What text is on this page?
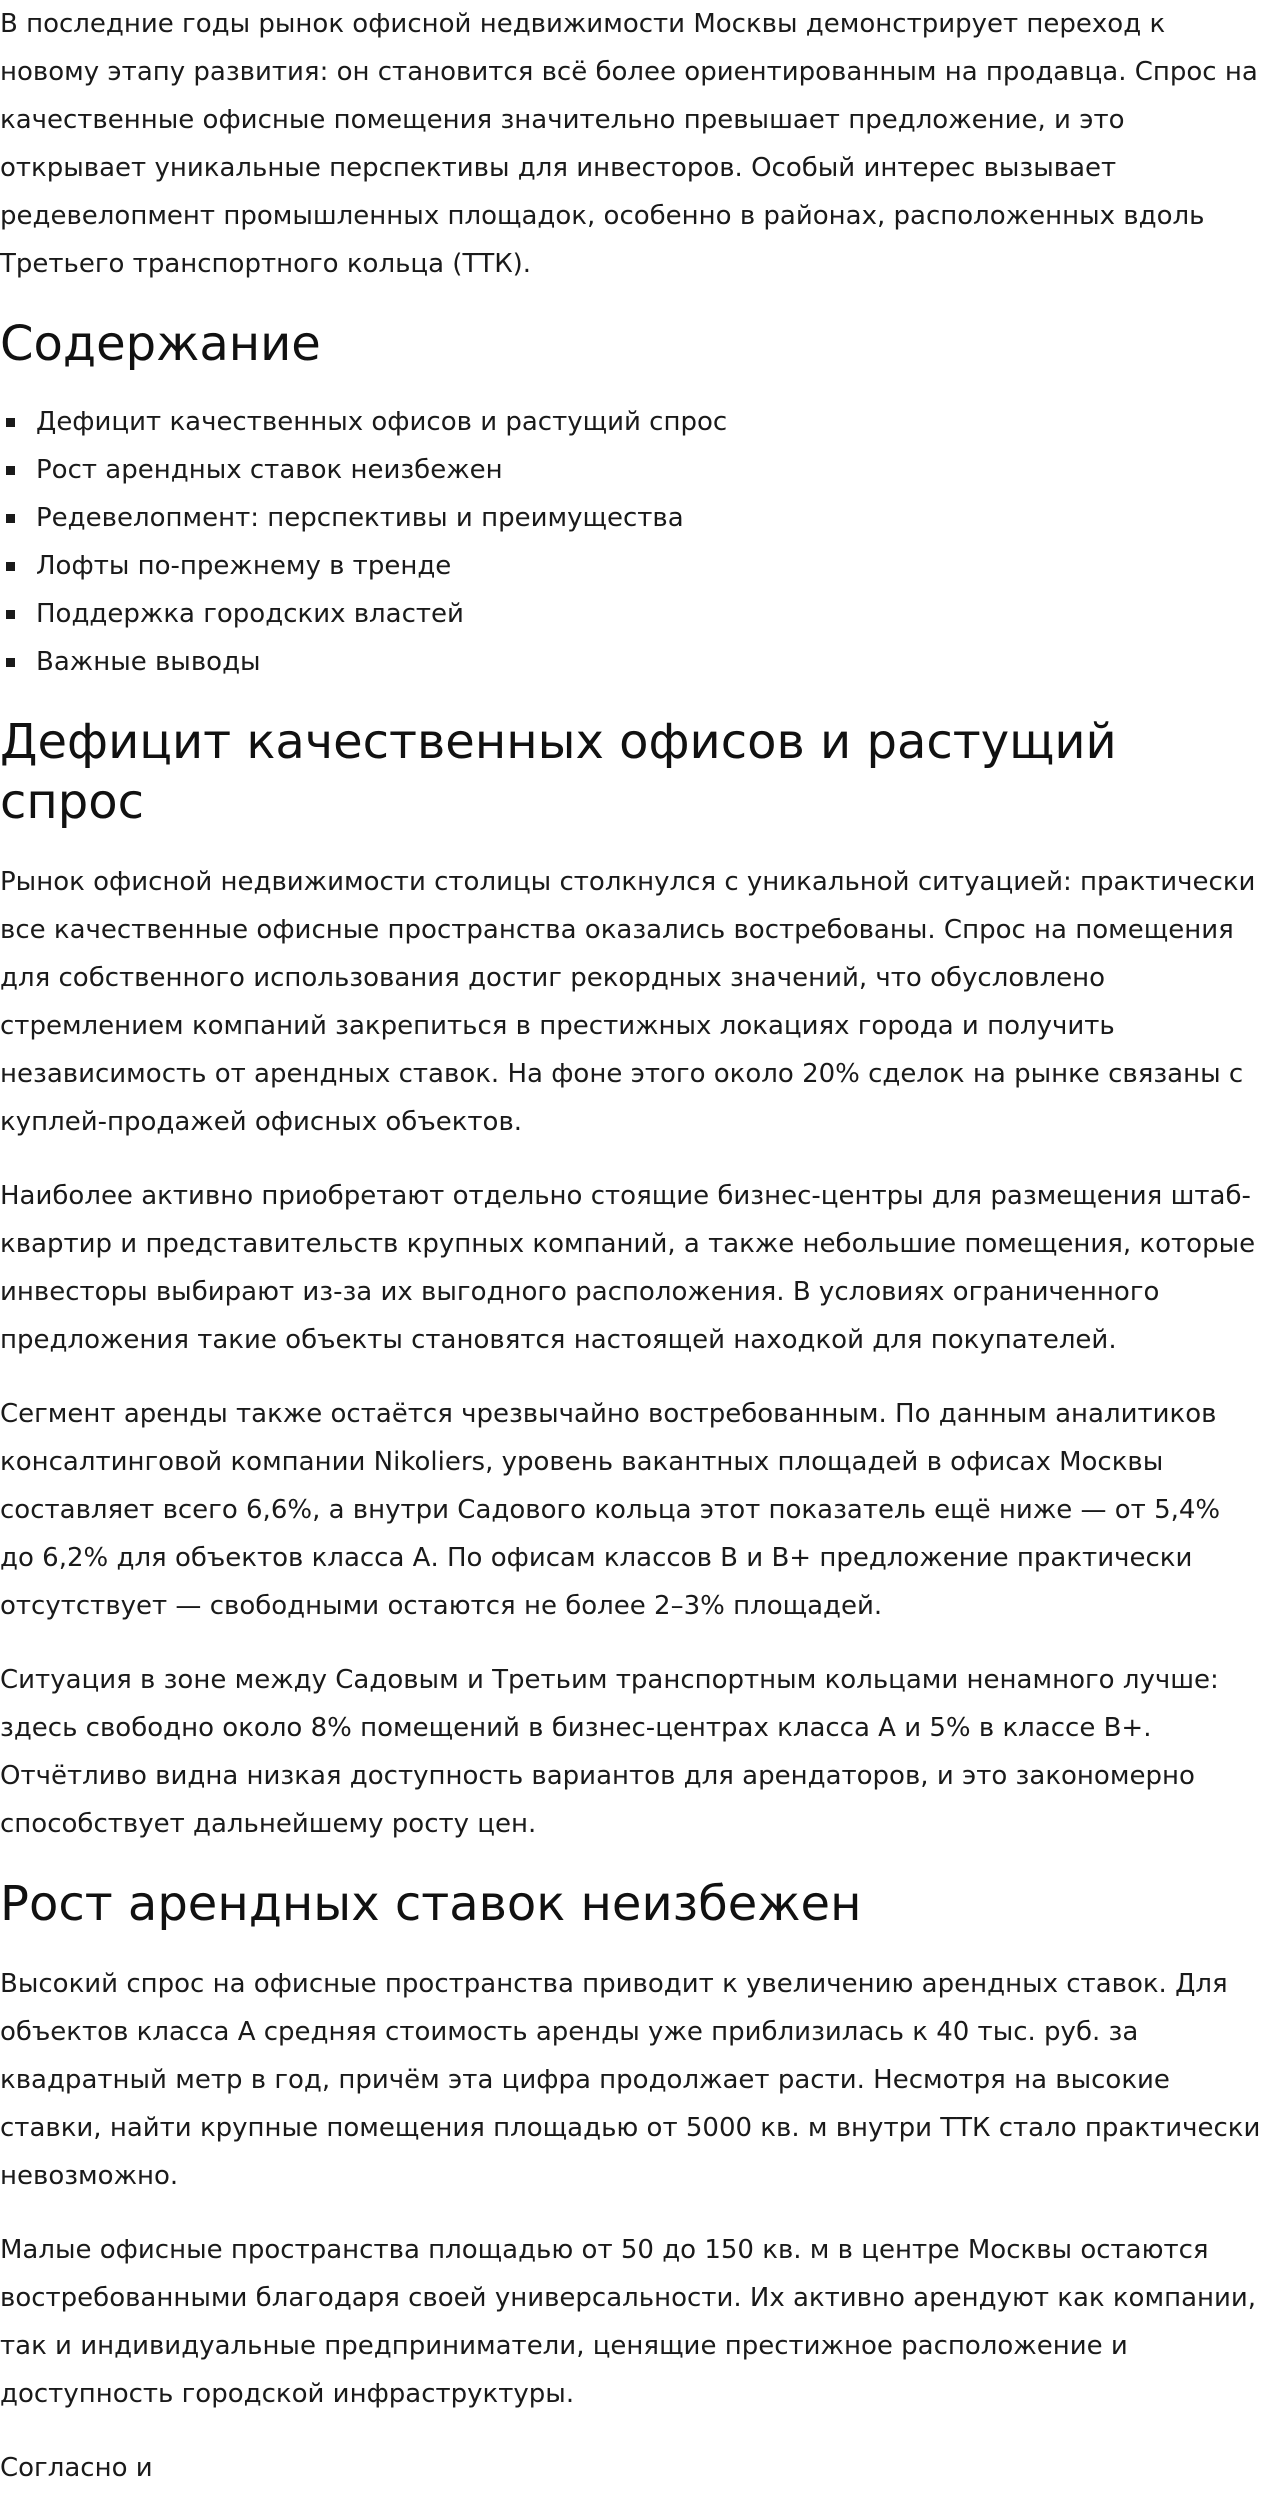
В последние годы рынок офисной недвижимости Москвы демонстрирует переход к новому этапу развития: он становится всё более ориентированным на продавца. Спрос на качественные офисные помещения значительно превышает предложение, и это открывает уникальные перспективы для инвесторов. Особый интерес вызывает редевелопмент промышленных площадок, особенно в районах, расположенных вдоль Третьего транспортного кольца (ТТК).

Содержание
Дефицит качественных офисов и растущий спрос
Рост арендных ставок неизбежен
Редевелопмент: перспективы и преимущества
Лофты по-прежнему в тренде
Поддержка городских властей
Важные выводы
Дефицит качественных офисов и растущий спрос

Рынок офисной недвижимости столицы столкнулся с уникальной ситуацией: практически все качественные офисные пространства оказались востребованы. Спрос на помещения для собственного использования достиг рекордных значений, что обусловлено стремлением компаний закрепиться в престижных локациях города и получить независимость от арендных ставок. На фоне этого около 20% сделок на рынке связаны с куплей-продажей офисных объектов.

Наиболее активно приобретают отдельно стоящие бизнес-центры для размещения штаб-квартир и представительств крупных компаний, а также небольшие помещения, которые инвесторы выбирают из-за их выгодного расположения. В условиях ограниченного предложения такие объекты становятся настоящей находкой для покупателей.

Сегмент аренды также остаётся чрезвычайно востребованным. По данным аналитиков консалтинговой компании Nikoliers, уровень вакантных площадей в офисах Москвы составляет всего 6,6%, а внутри Садового кольца этот показатель ещё ниже — от 5,4% до 6,2% для объектов класса А. По офисам классов В и В+ предложение практически отсутствует — свободными остаются не более 2–3% площадей.

Ситуация в зоне между Садовым и Третьим транспортным кольцами ненамного лучше: здесь свободно около 8% помещений в бизнес-центрах класса А и 5% в классе В+. Отчётливо видна низкая доступность вариантов для арендаторов, и это закономерно способствует дальнейшему росту цен.

Рост арендных ставок неизбежен

Высокий спрос на офисные пространства приводит к увеличению арендных ставок. Для объектов класса А средняя стоимость аренды уже приблизилась к 40 тыс. руб. за квадратный метр в год, причём эта цифра продолжает расти. Несмотря на высокие ставки, найти крупные помещения площадью от 5000 кв. м внутри ТТК стало практически невозможно.

Малые офисные пространства площадью от 50 до 150 кв. м в центре Москвы остаются востребованными благодаря своей универсальности. Их активно арендуют как компании, так и индивидуальные предприниматели, ценящие престижное расположение и доступность городской инфраструктуры.

Согласно и
